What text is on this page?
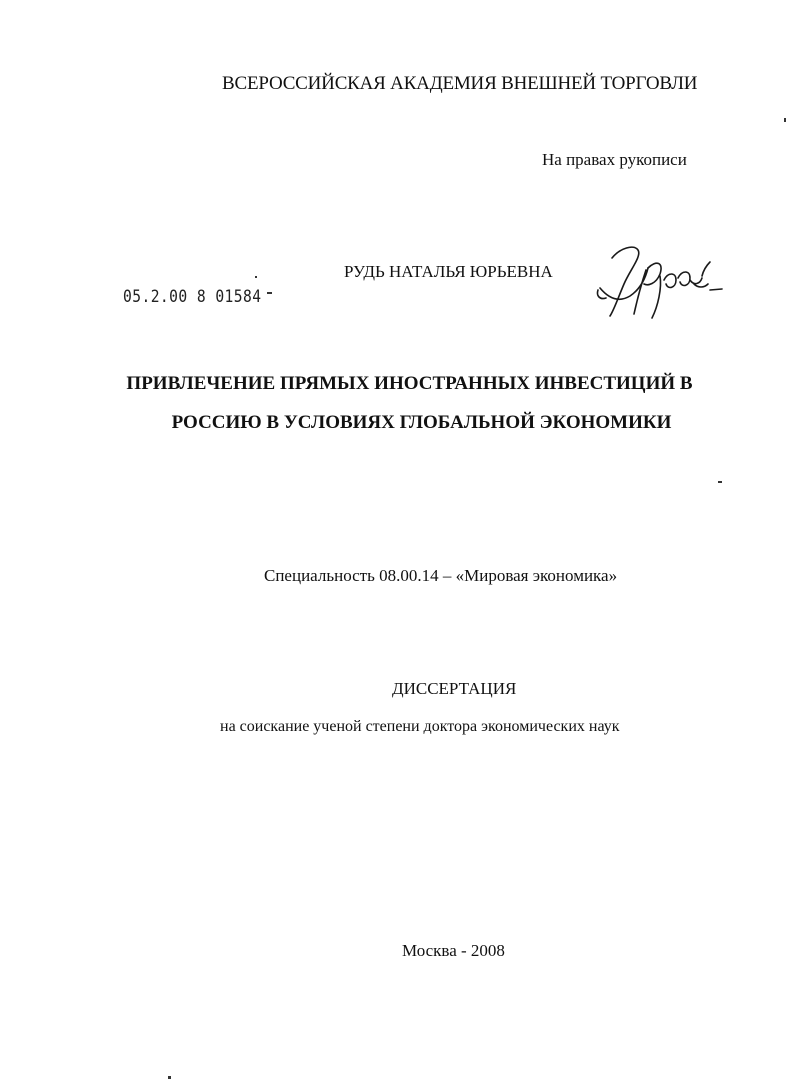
ВСЕРОССИЙСКАЯ АКАДЕМИЯ ВНЕШНЕЙ ТОРГОВЛИ
На правах рукописи
РУДЬ НАТАЛЬЯ ЮРЬЕВНА
05.2.00 8 01584
ПРИВЛЕЧЕНИЕ ПРЯМЫХ ИНОСТРАННЫХ ИНВЕСТИЦИЙ В
РОССИЮ В УСЛОВИЯХ ГЛОБАЛЬНОЙ ЭКОНОМИКИ
Специальность 08.00.14 – «Мировая экономика»
ДИССЕРТАЦИЯ
на соискание ученой степени доктора экономических наук
Москва - 2008
